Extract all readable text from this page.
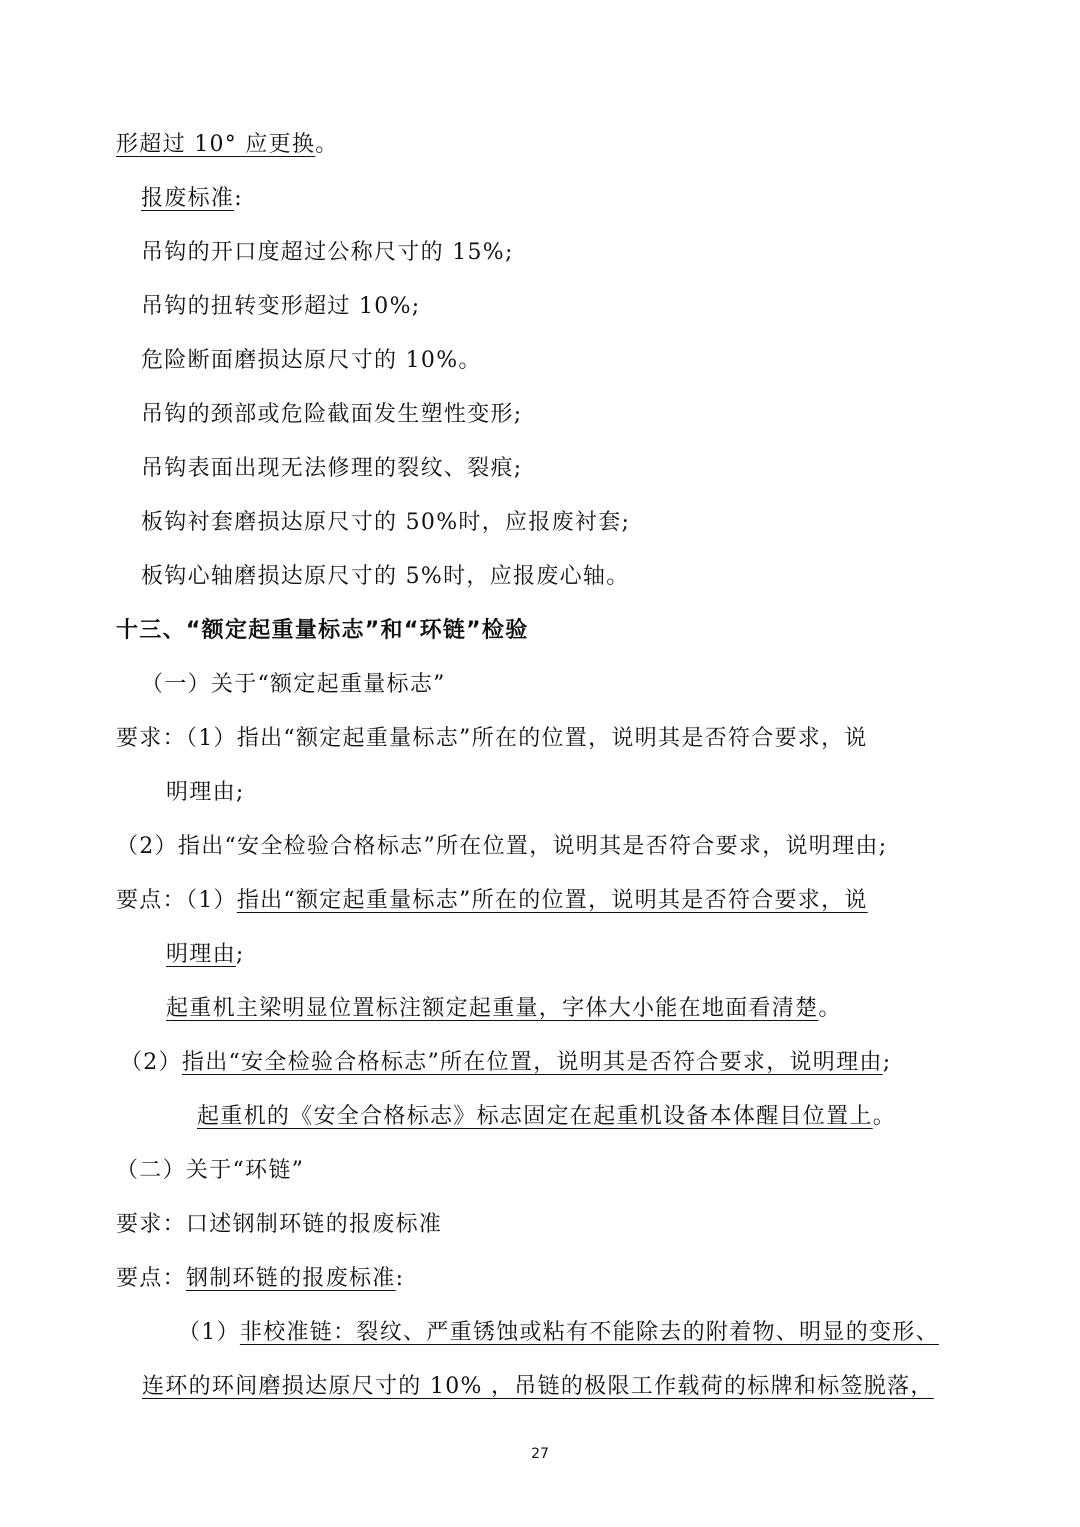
形超过 10° 应更换。
报废标准:
吊钩的开口度超过公称尺寸的 15%;
吊钩的扭转变形超过 10%;
危险断面磨损达原尺寸的 10%。
吊钩的颈部或危险截面发生塑性变形;
吊钩表面出现无法修理的裂纹、裂痕;
板钩衬套磨损达原尺寸的 50%时，应报废衬套;
板钩心轴磨损达原尺寸的 5%时，应报废心轴。
十三、“额定起重量标志”和“环链”检验
（一）关于“额定起重量标志”
要求：（1）指出“额定起重量标志”所在的位置，说明其是否符合要求，说
明理由;
（2）指出“安全检验合格标志”所在位置，说明其是否符合要求，说明理由;
要点：（1）指出“额定起重量标志”所在的位置，说明其是否符合要求，说
明理由;
起重机主梁明显位置标注额定起重量，字体大小能在地面看清楚。
（2）指出“安全检验合格标志”所在位置，说明其是否符合要求，说明理由;
起重机的《安全合格标志》标志固定在起重机设备本体醒目位置上。
（二）关于“环链”
要求：口述钢制环链的报废标准
要点：钢制环链的报废标准:
（1）非校准链：裂纹、严重锈蚀或粘有不能除去的附着物、明显的变形、
连环的环间磨损达原尺寸的 10% ，吊链的极限工作载荷的标牌和标签脱落，
27
